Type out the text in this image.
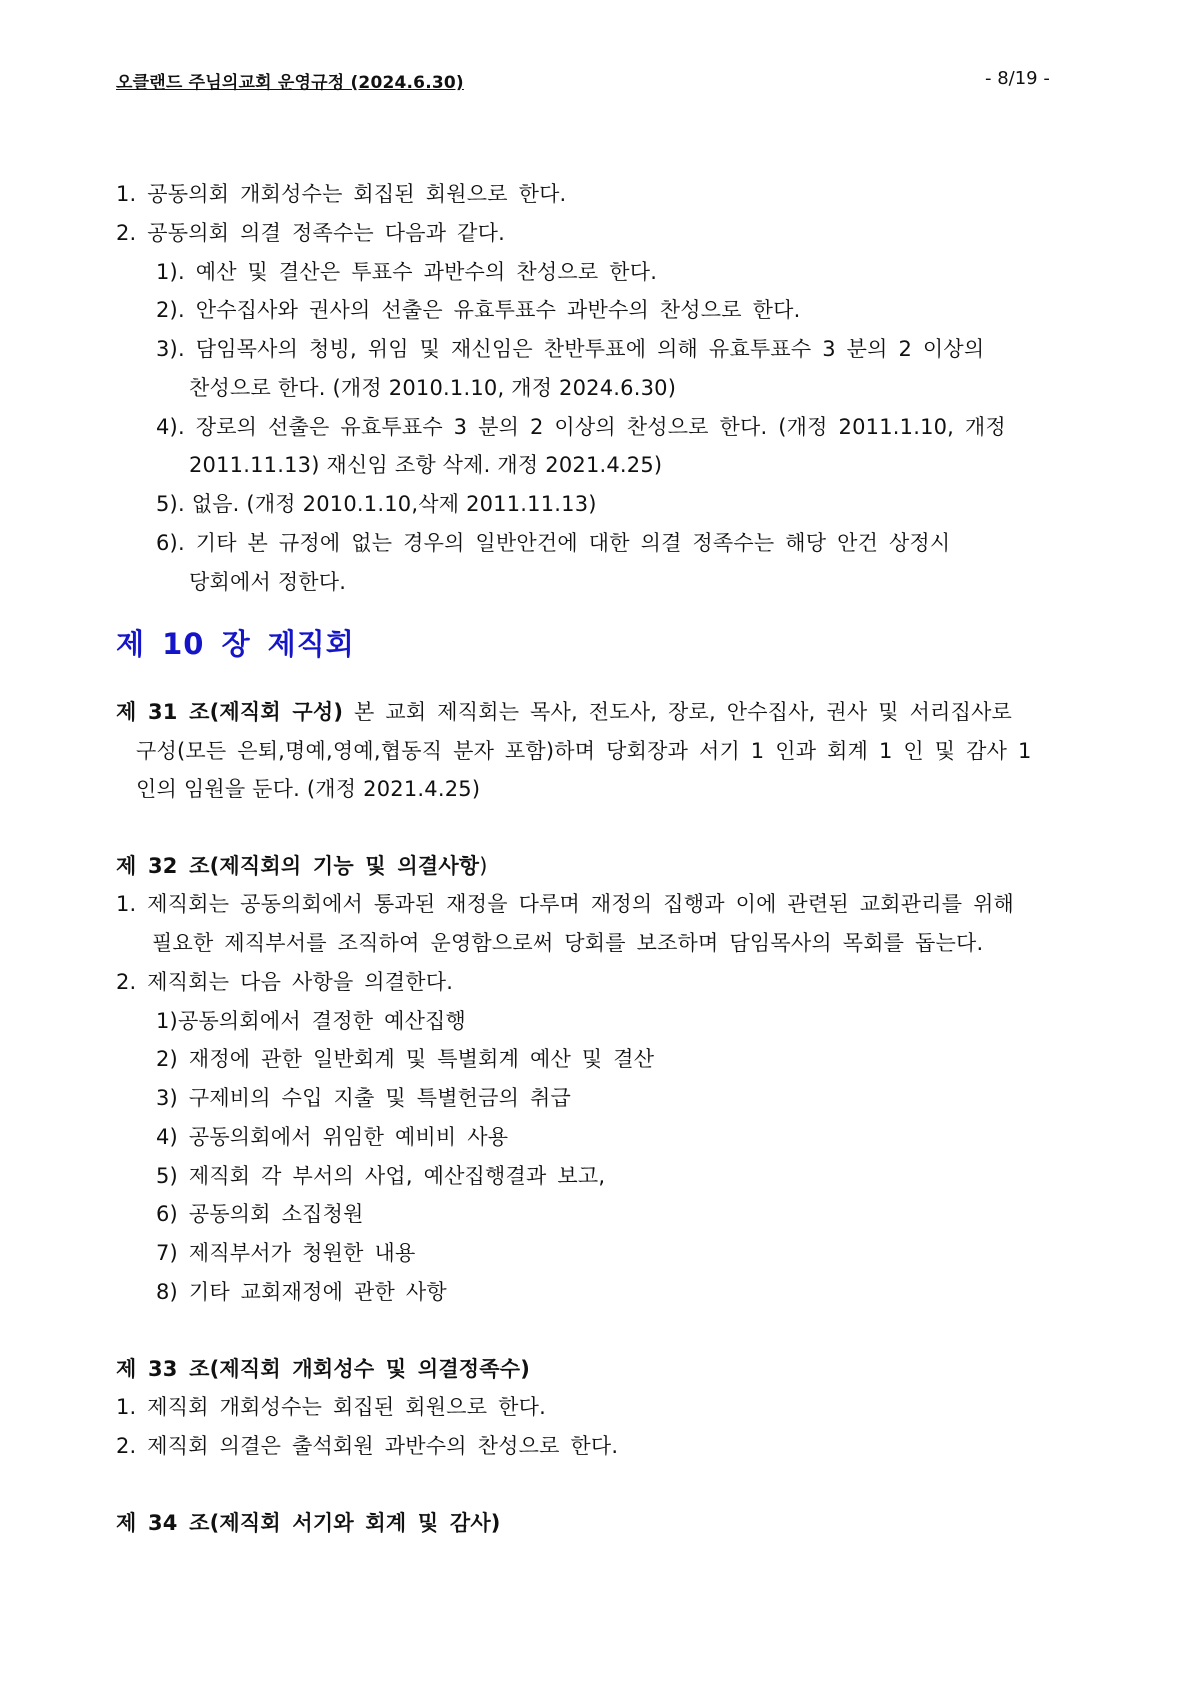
오클랜드 주님의교회 운영규정 (2024.6.30)	- 8/19 -
1. 공동의회 개회성수는 회집된 회원으로 한다.
2. 공동의회 의결 정족수는 다음과 같다.
1). 예산 및 결산은 투표수 과반수의 찬성으로 한다.
2). 안수집사와 권사의 선출은 유효투표수 과반수의 찬성으로 한다.
3). 담임목사의 청빙, 위임 및 재신임은 찬반투표에 의해 유효투표수 3 분의 2 이상의
찬성으로 한다. (개정 2010.1.10, 개정 2024.6.30)
4). 장로의 선출은 유효투표수 3 분의 2 이상의 찬성으로 한다. (개정 2011.1.10, 개정
2011.11.13) 재신임 조항 삭제. 개정 2021.4.25)
5). 없음. (개정 2010.1.10,삭제 2011.11.13)
6). 기타 본 규정에 없는 경우의 일반안건에 대한 의결 정족수는 해당 안건 상정시
당회에서 정한다.
제 10 장 제직회
제 31 조(제직회 구성) 본 교회 제직회는 목사, 전도사, 장로, 안수집사, 권사 및 서리집사로
구성(모든 은퇴,명예,영예,협동직 분자 포함)하며 당회장과 서기 1 인과 회계 1 인 및 감사 1
인의 임원을 둔다. (개정 2021.4.25)
제 32 조(제직회의 기능 및 의결사항)
1. 제직회는 공동의회에서 통과된 재정을 다루며 재정의 집행과 이에 관련된 교회관리를 위해
필요한 제직부서를 조직하여 운영함으로써 당회를 보조하며 담임목사의 목회를 돕는다.
2. 제직회는 다음 사항을 의결한다.
1)공동의회에서 결정한 예산집행
2) 재정에 관한 일반회계 및 특별회계 예산 및 결산
3) 구제비의 수입 지출 및 특별헌금의 취급
4) 공동의회에서 위임한 예비비 사용
5) 제직회 각 부서의 사업, 예산집행결과 보고,
6) 공동의회 소집청원
7) 제직부서가 청원한 내용
8) 기타 교회재정에 관한 사항
제 33 조(제직회 개회성수 및 의결정족수)
1. 제직회 개회성수는 회집된 회원으로 한다.
2. 제직회 의결은 출석회원 과반수의 찬성으로 한다.
제 34 조(제직회 서기와 회계 및 감사)
